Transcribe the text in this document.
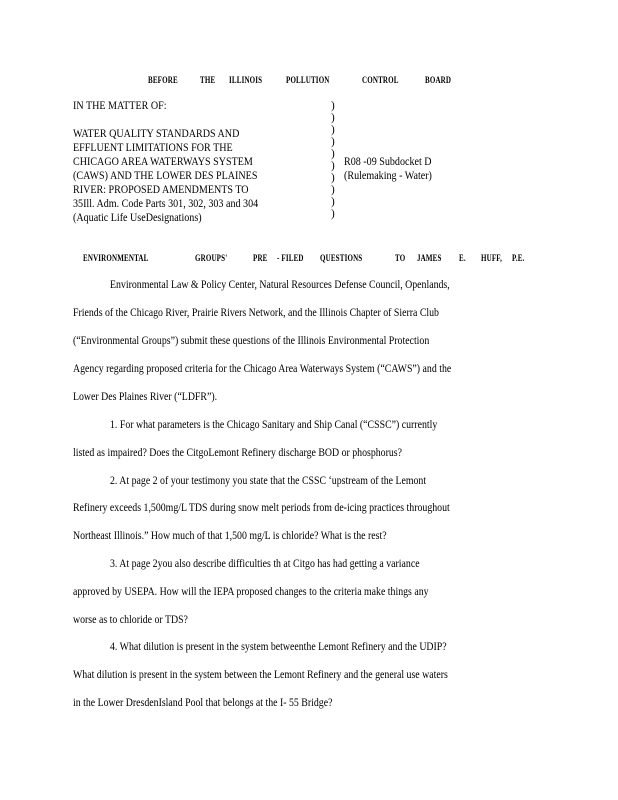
BEFORE THE ILLINOIS	POLLUTION	CONTROL	BOARD
IN THE MATTER OF:
WATER QUALITY STANDARDS AND
EFFLUENT LIMITATIONS FOR THE
CHICAGO AREA WATERWAYS SYSTEM
(CAWS) AND THE LOWER DES PLAINES
RIVER: PROPOSED AMENDMENTS TO
35Ill. Adm. Code Parts 301, 302, 303 and 304
(Aquatic Life UseDesignations)
)
)
)
)
)
)
)
)
)
)
R08 -09 Subdocket D
(Rulemaking - Water)
ENVIRONMENTAL	GROUPS'	PRE - FILED QUESTIONS	TO JAMES E. HUFF, P.E.
Environmental Law & Policy Center, Natural Resources Defense Council, Openlands,
Friends of the Chicago River, Prairie Rivers Network, and the Illinois Chapter of Sierra Club
(“Environmental Groups”) submit these questions of the Illinois Environmental Protection
Agency regarding proposed criteria for the Chicago Area Waterways System (“CAWS”) and the
Lower Des Plaines River (“LDFR”).
1. For what parameters is the Chicago Sanitary and Ship Canal (“CSSC”) currently
listed as impaired? Does the CitgoLemont Refinery discharge BOD or phosphorus?
2. At page 2 of your testimony you state that the CSSC ‘upstream of the Lemont
Refinery exceeds 1,500mg/L TDS during snow melt periods from de-icing practices throughout
Northeast Illinois.” How much of that 1,500 mg/L is chloride? What is the rest?
3. At page 2you also describe difficulties th at Citgo has had getting a variance
approved by USEPA. How will the IEPA proposed changes to the criteria make things any
worse as to chloride or TDS?
4. What dilution is present in the system betweenthe Lemont Refinery and the UDIP?
What dilution is present in the system between the Lemont Refinery and the general use waters
in the Lower DresdenIsland Pool that belongs at the I- 55 Bridge?
